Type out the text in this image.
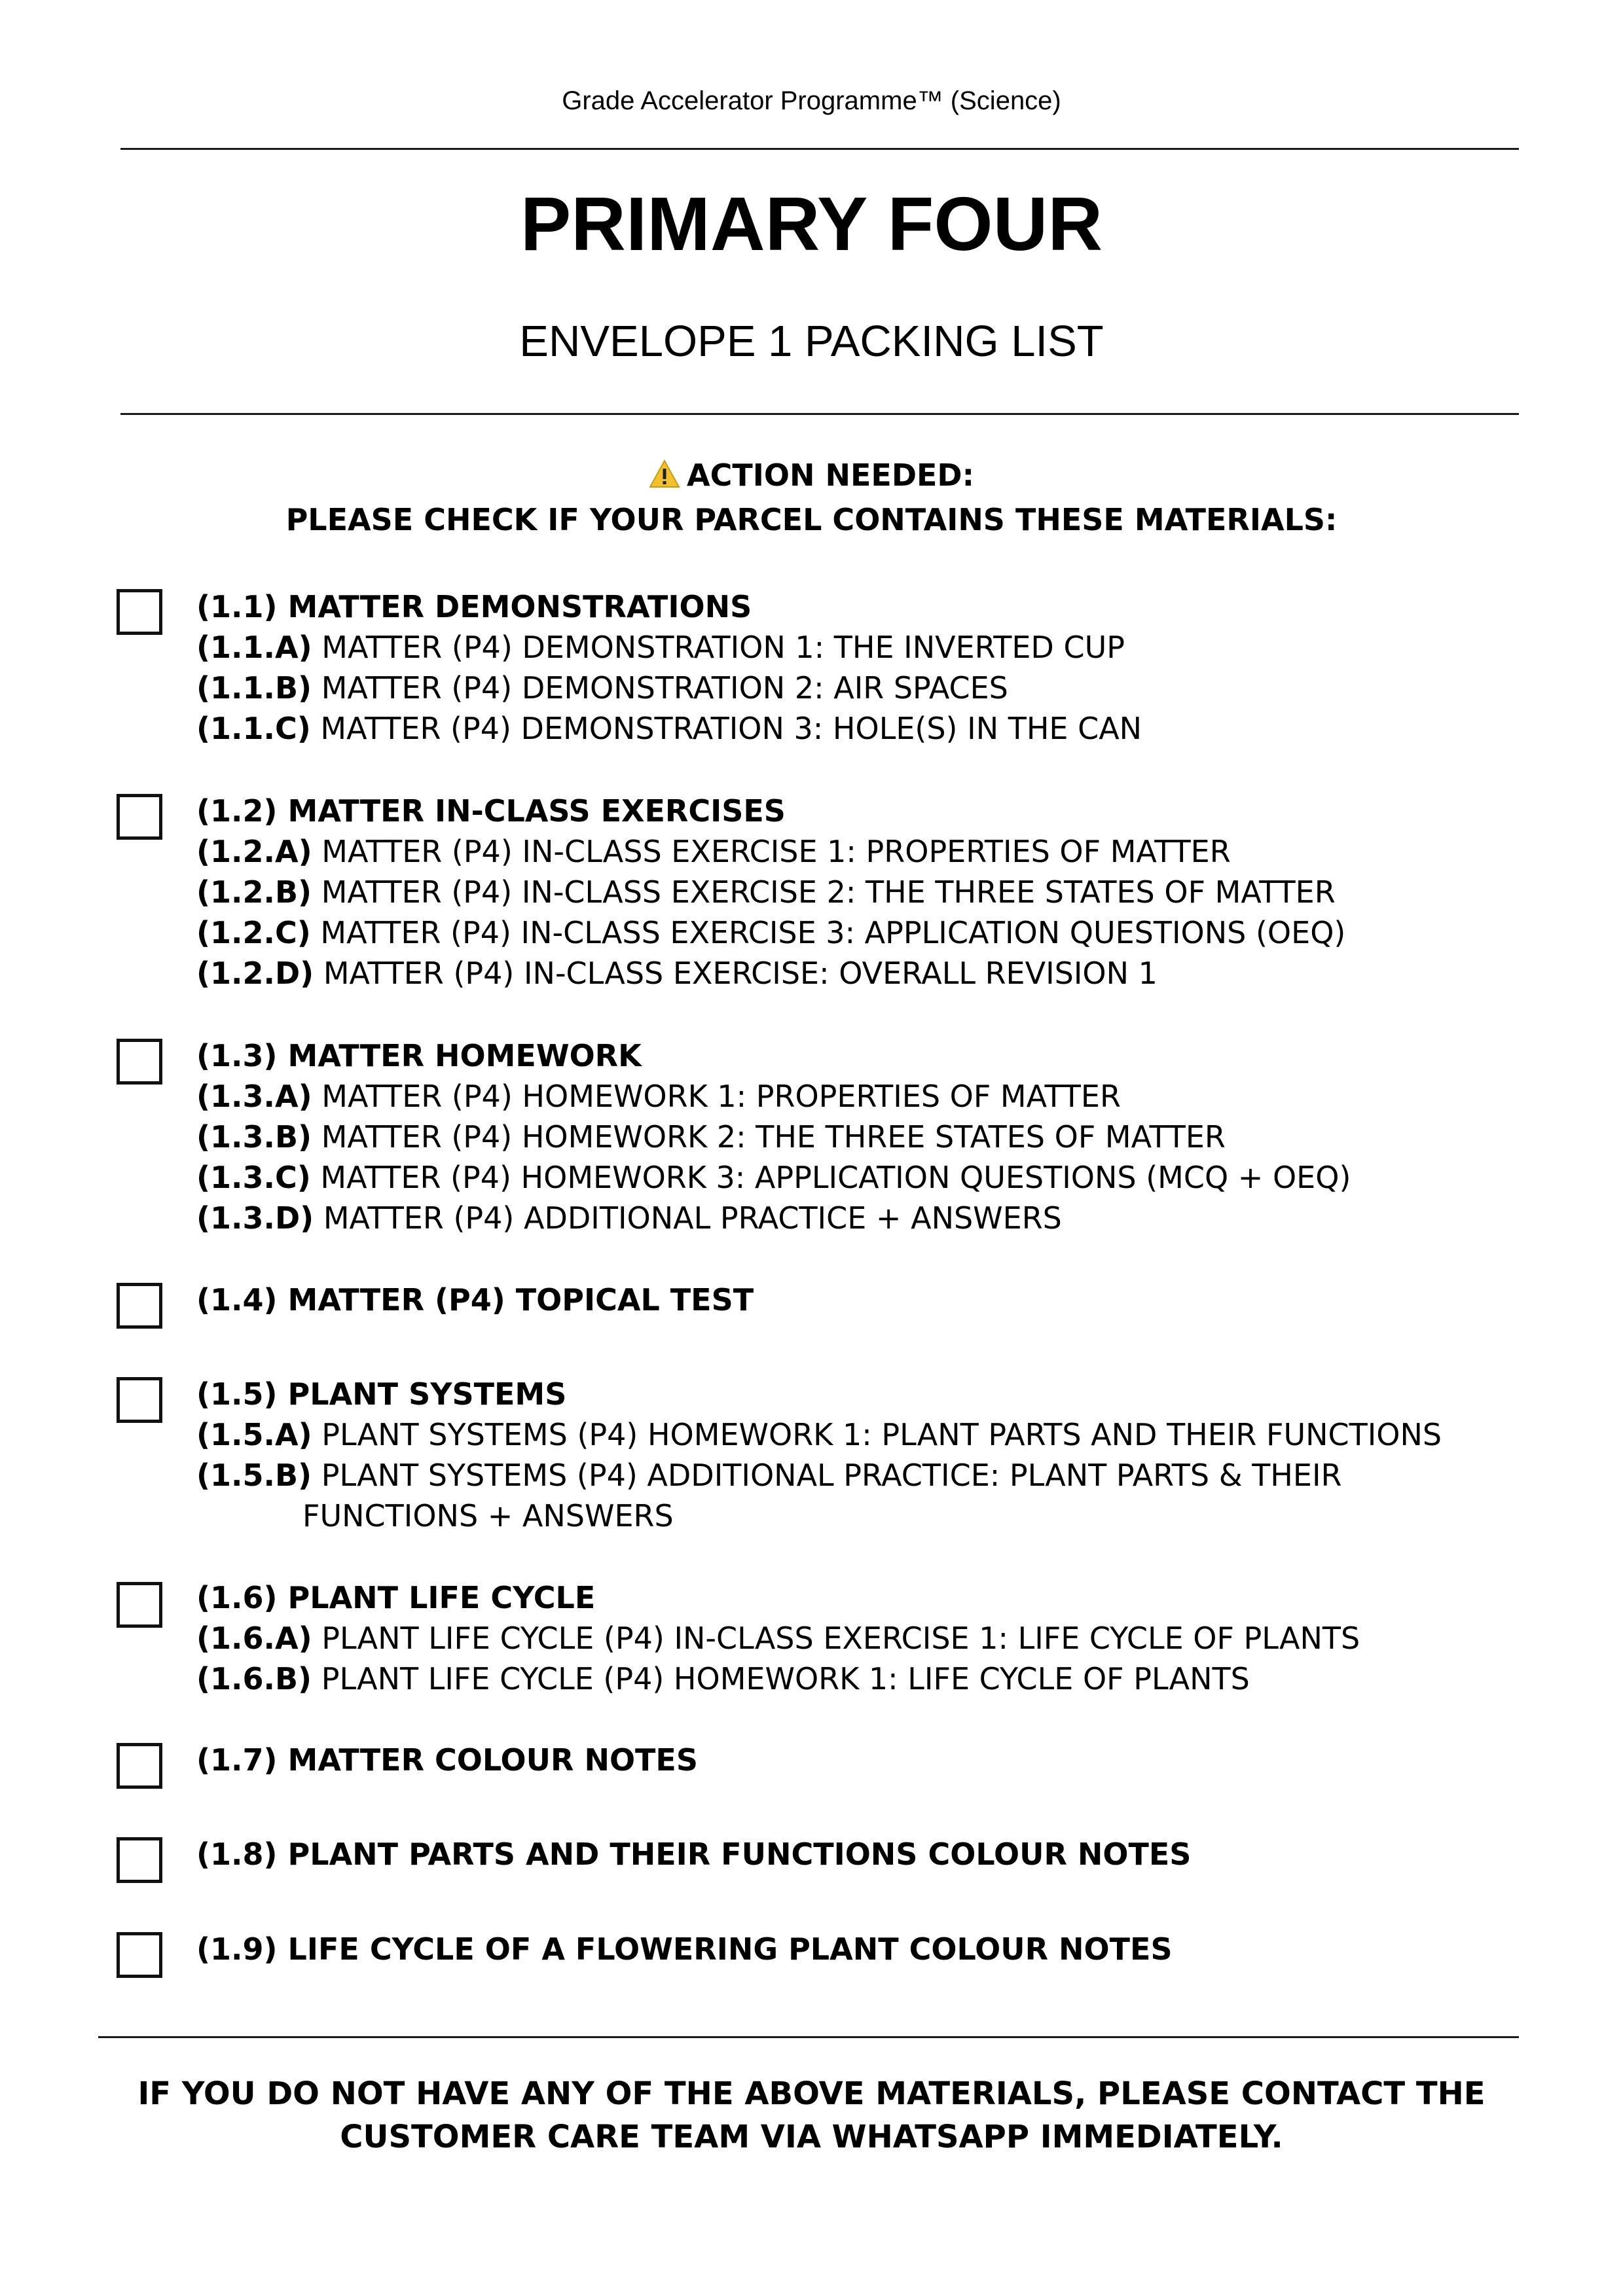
Grade Accelerator Programme™ (Science)
PRIMARY FOUR
ENVELOPE 1 PACKING LIST
ACTION NEEDED:
PLEASE CHECK IF YOUR PARCEL CONTAINS THESE MATERIALS:
(1.1) MATTER DEMONSTRATIONS
(1.1.A) MATTER (P4) DEMONSTRATION 1: THE INVERTED CUP
(1.1.B) MATTER (P4) DEMONSTRATION 2: AIR SPACES
(1.1.C) MATTER (P4) DEMONSTRATION 3: HOLE(S) IN THE CAN
(1.2) MATTER IN-CLASS EXERCISES
(1.2.A) MATTER (P4) IN-CLASS EXERCISE 1: PROPERTIES OF MATTER
(1.2.B) MATTER (P4) IN-CLASS EXERCISE 2: THE THREE STATES OF MATTER
(1.2.C) MATTER (P4) IN-CLASS EXERCISE 3: APPLICATION QUESTIONS (OEQ)
(1.2.D) MATTER (P4) IN-CLASS EXERCISE: OVERALL REVISION 1
(1.3) MATTER HOMEWORK
(1.3.A) MATTER (P4) HOMEWORK 1: PROPERTIES OF MATTER
(1.3.B) MATTER (P4) HOMEWORK 2: THE THREE STATES OF MATTER
(1.3.C) MATTER (P4) HOMEWORK 3: APPLICATION QUESTIONS (MCQ + OEQ)
(1.3.D) MATTER (P4) ADDITIONAL PRACTICE + ANSWERS
(1.4) MATTER (P4) TOPICAL TEST
(1.5) PLANT SYSTEMS
(1.5.A) PLANT SYSTEMS (P4) HOMEWORK 1: PLANT PARTS AND THEIR FUNCTIONS
(1.5.B) PLANT SYSTEMS (P4) ADDITIONAL PRACTICE: PLANT PARTS & THEIR
FUNCTIONS + ANSWERS
(1.6) PLANT LIFE CYCLE
(1.6.A) PLANT LIFE CYCLE (P4) IN-CLASS EXERCISE 1: LIFE CYCLE OF PLANTS
(1.6.B) PLANT LIFE CYCLE (P4) HOMEWORK 1: LIFE CYCLE OF PLANTS
(1.7) MATTER COLOUR NOTES
(1.8) PLANT PARTS AND THEIR FUNCTIONS COLOUR NOTES
(1.9) LIFE CYCLE OF A FLOWERING PLANT COLOUR NOTES
IF YOU DO NOT HAVE ANY OF THE ABOVE MATERIALS, PLEASE CONTACT THE
CUSTOMER CARE TEAM VIA WHATSAPP IMMEDIATELY.
